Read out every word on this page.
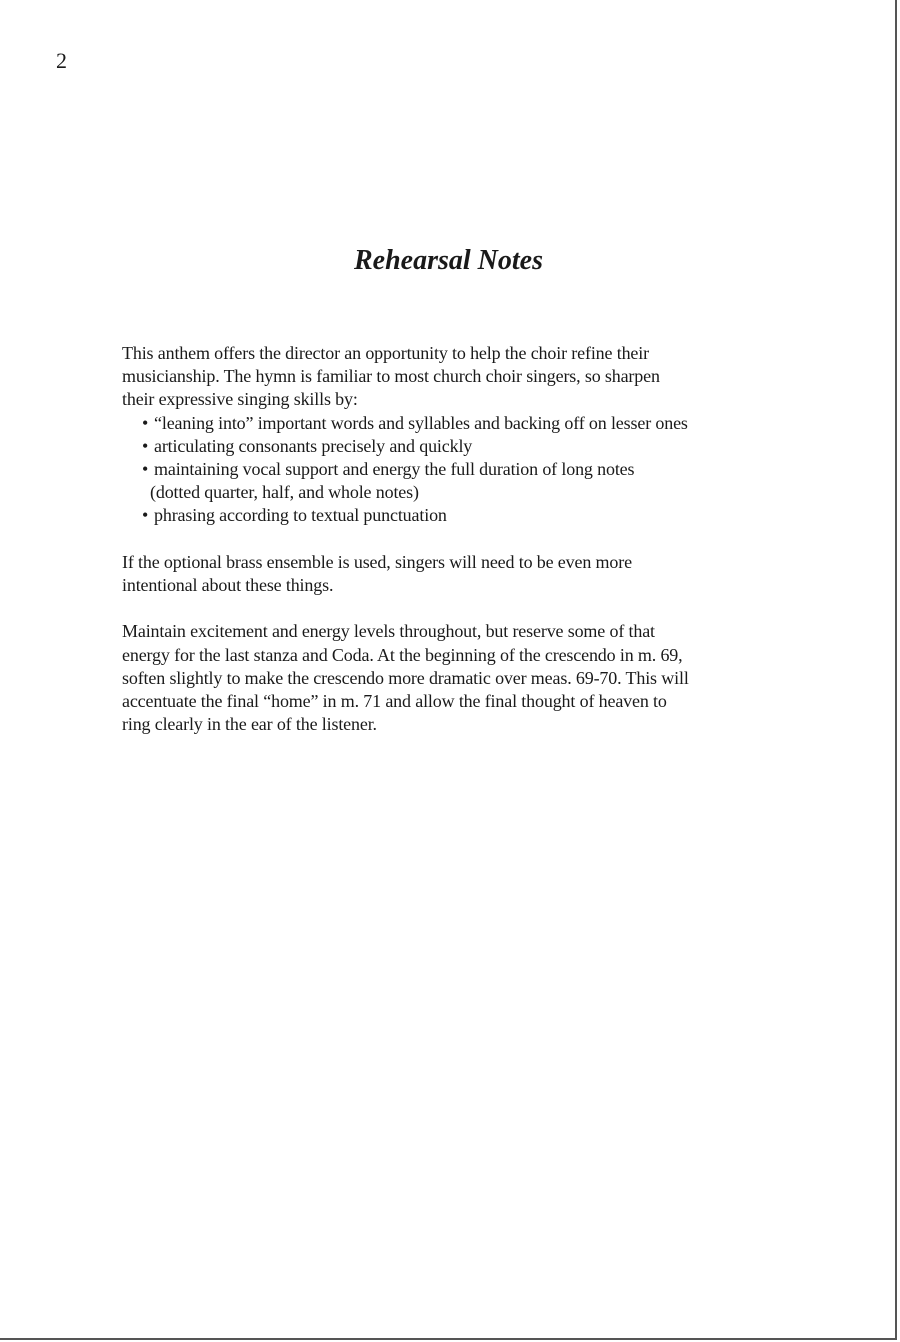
2
Rehearsal Notes

This anthem offers the director an opportunity to help the choir refine their
musicianship. The hymn is familiar to most church choir singers, so sharpen
their expressive singing skills by:

• “leaning into” important words and syllables and backing off on lesser ones
• articulating consonants precisely and quickly
• maintaining vocal support and energy the full duration of long notes
(dotted quarter, half, and whole notes)
• phrasing according to textual punctuation

If the optional brass ensemble is used, singers will need to be even more
intentional about these things.

Maintain excitement and energy levels throughout, but reserve some of that
energy for the last stanza and Coda. At the beginning of the crescendo in m. 69,
soften slightly to make the crescendo more dramatic over meas. 69-70. This will
accentuate the final “home” in m. 71 and allow the final thought of heaven to
ring clearly in the ear of the listener.
